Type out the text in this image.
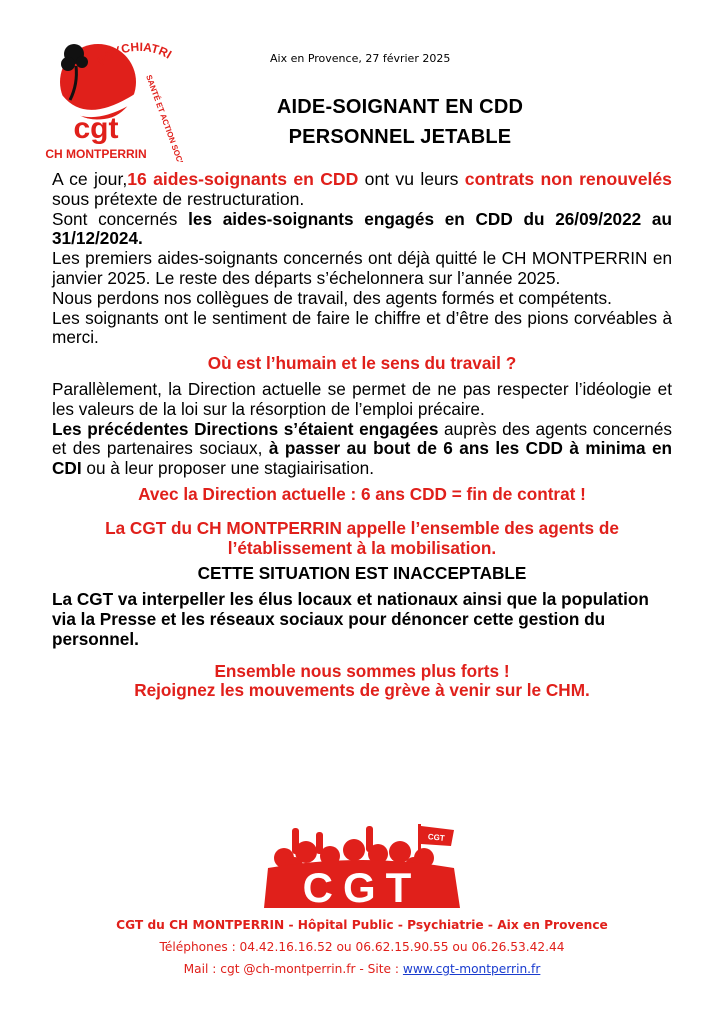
PSYCHIATRI
SANTÉ ET ACTION SOCIALE
cgt
CH MONTPERRIN
Aix en Provence, 27 février 2025
AIDE-SOIGNANT EN CDD
PERSONNEL JETABLE

A ce jour,16 aides-soignants en CDD ont vu leurs contrats non renouvelés sous prétexte de restructuration.

Sont concernés les aides-soignants engagés en CDD du 26/09/2022 au 31/12/2024.

Les premiers aides-soignants concernés ont déjà quitté le CH MONTPERRIN en janvier 2025. Le reste des départs s’échelonnera sur l’année 2025.

Nous perdons nos collègues de travail, des agents formés et compétents.

Les soignants ont le sentiment de faire le chiffre et d’être des pions corvéables à merci.

Où est l’humain et le sens du travail ?

Parallèlement, la Direction actuelle se permet de ne pas respecter l’idéologie et les valeurs de la loi sur la résorption de l’emploi précaire.

Les précédentes Directions s’étaient engagées auprès des agents concernés et des partenaires sociaux, à passer au bout de 6 ans les CDD à minima en CDI ou à leur proposer une stagiairisation.

Avec la Direction actuelle : 6 ans CDD = fin de contrat !

La CGT du CH MONTPERRIN appelle l’ensemble des agents de l’établissement à la mobilisation.

CETTE SITUATION EST INACCEPTABLE

La CGT va interpeller les élus locaux et nationaux ainsi que la population via la Presse et les réseaux sociaux pour dénoncer cette gestion du personnel.

Ensemble nous sommes plus forts !

Rejoignez les mouvements de grève à venir sur le CHM.

CGT
CGT
CGT du CH MONTPERRIN - Hôpital Public - Psychiatrie - Aix en Provence
Téléphones : 04.42.16.16.52 ou 06.62.15.90.55 ou 06.26.53.42.44
Mail : cgt @ch-montperrin.fr - Site : www.cgt-montperrin.fr
